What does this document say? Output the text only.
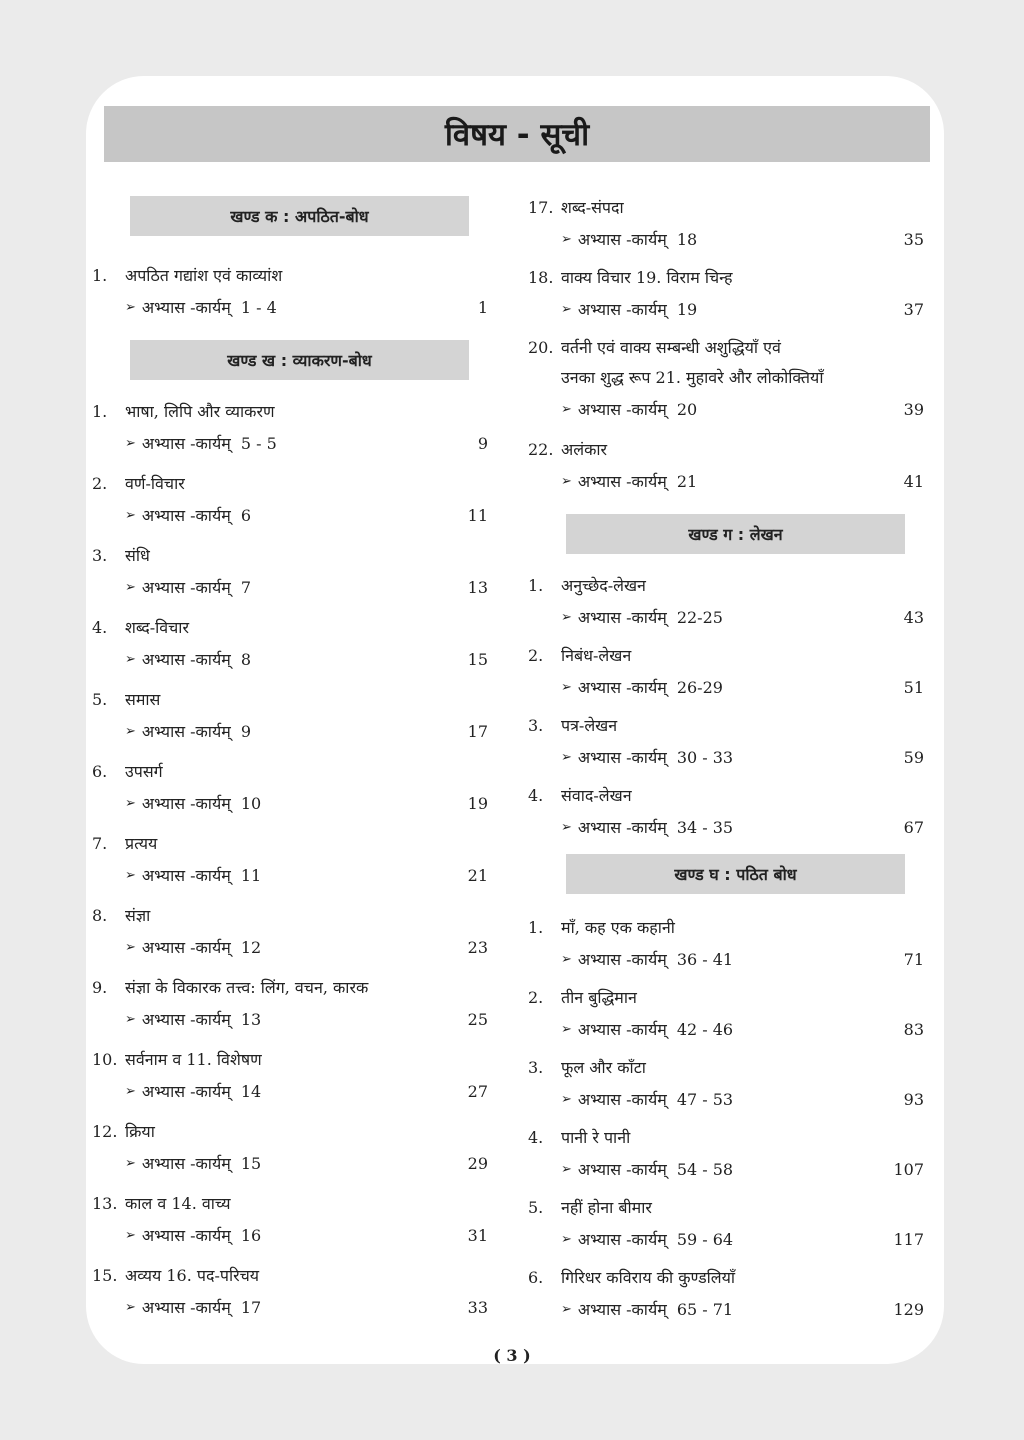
विषय - सूची
खण्ड क : अपठित-बोध
1. अपठित गद्यांश एवं काव्यांश
➢ अभ्यास -कार्यम् 1 - 4	1
खण्ड ख : व्याकरण-बोध
1. भाषा, लिपि और व्याकरण
➢ अभ्यास -कार्यम् 5 - 5	9
2. वर्ण-विचार
➢ अभ्यास -कार्यम् 6	11
3. संधि
➢ अभ्यास -कार्यम् 7	13
4. शब्द-विचार
➢ अभ्यास -कार्यम् 8	15
5. समास
➢ अभ्यास -कार्यम् 9	17
6. उपसर्ग
➢ अभ्यास -कार्यम् 10	19
7. प्रत्यय
➢ अभ्यास -कार्यम् 11	21
8. संज्ञा
➢ अभ्यास -कार्यम् 12	23
9. संज्ञा के विकारक तत्त्व: लिंग, वचन, कारक
➢ अभ्यास -कार्यम् 13	25
10. सर्वनाम व 11. विशेषण
➢ अभ्यास -कार्यम् 14	27
12. क्रिया
➢ अभ्यास -कार्यम् 15	29
13. काल व 14. वाच्य
➢ अभ्यास -कार्यम् 16	31
15. अव्यय 16. पद-परिचय
➢ अभ्यास -कार्यम् 17	33
17. शब्द-संपदा
➢ अभ्यास -कार्यम् 18	35
18. वाक्य विचार 19. विराम चिन्ह
➢ अभ्यास -कार्यम् 19	37
20. वर्तनी एवं वाक्य सम्बन्धी अशुद्धियाँ एवं
उनका शुद्ध रूप 21. मुहावरे और लोकोक्तियाँ
➢ अभ्यास -कार्यम् 20	39
22. अलंकार
➢ अभ्यास -कार्यम् 21	41
खण्ड ग : लेखन
1. अनुच्छेद-लेखन
➢ अभ्यास -कार्यम् 22-25	43
2. निबंध-लेखन
➢ अभ्यास -कार्यम् 26-29	51
3. पत्र-लेखन
➢ अभ्यास -कार्यम् 30 - 33	59
4. संवाद-लेखन
➢ अभ्यास -कार्यम् 34 - 35	67
खण्ड घ : पठित बोध
1. माँ, कह एक कहानी
➢ अभ्यास -कार्यम् 36 - 41	71
2. तीन बुद्धिमान
➢ अभ्यास -कार्यम् 42 - 46	83
3. फूल और काँटा
➢ अभ्यास -कार्यम् 47 - 53	93
4. पानी रे पानी
➢ अभ्यास -कार्यम् 54 - 58	107
5. नहीं होना बीमार
➢ अभ्यास -कार्यम् 59 - 64	117
6. गिरिधर कविराय की कुण्डलियाँ
➢ अभ्यास -कार्यम् 65 - 71	129
( 3 )
